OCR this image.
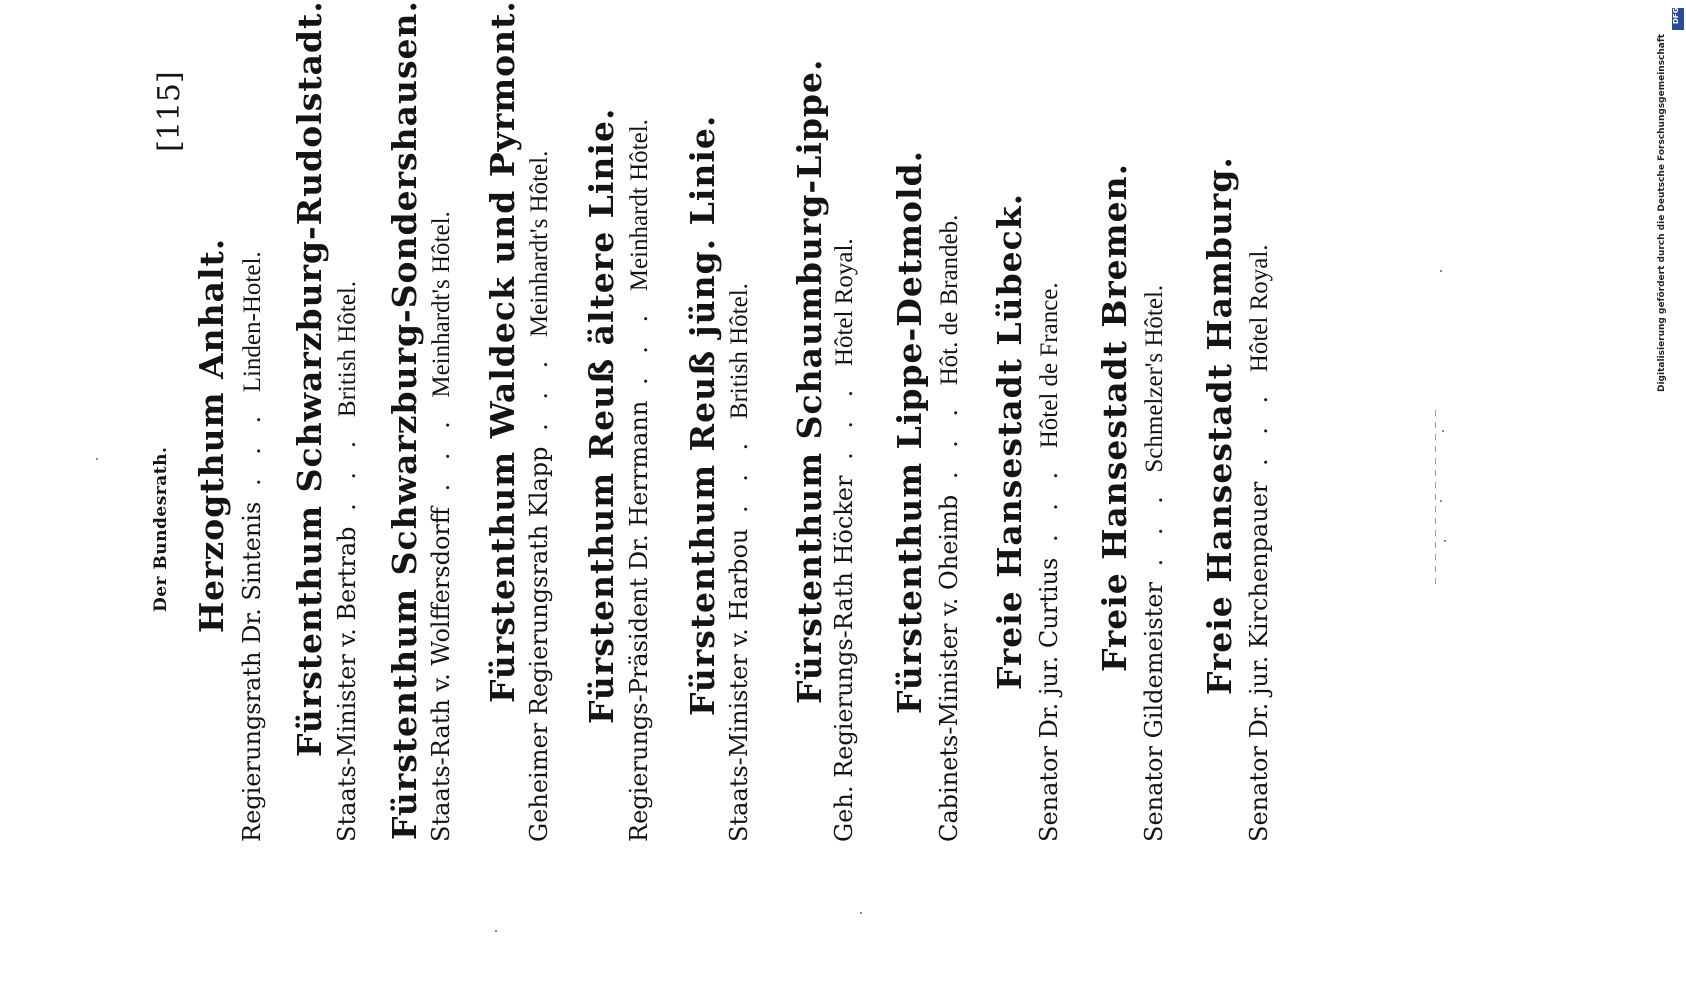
Der Bundesrath.
[115]
Herzogthum Anhalt.
Regierungsrath Dr. Sintenis . . . Linden-Hotel. Fürstenthum Schwarzburg-Rudolstadt. Staats-Minister v. Bertrab . . . British Hôtel. Fürstenthum Schwarzburg-Sondershausen. Staats-Rath v. Wolffersdorff . . . Meinhardt's Hôtel. Fürstenthum Waldeck und Pyrmont. Geheimer Regierungsrath Klapp . . . Meinhardt's Hôtel. Fürstenthum Reuß ältere Linie. Regierungs-Präsident Dr. Herrmann . . . Meinhardt Hôtel. Fürstenthum Reuß jüng. Linie. Staats-Minister v. Harbou . . . British Hôtel. Fürstenthum Schaumburg-Lippe. Geh. Regierungs-Rath Höcker . . . Hôtel Royal. Fürstenthum Lippe-Detmold. Cabinets-Minister v. Oheimb . . . Hôt. de Brandeb. Freie Hansestadt Lübeck.
Senator Dr. jur. Curtius . . . Hôtel de France. Freie Hansestadt Bremen.
Senator Gildemeister . . . Schmelzer's Hôtel. Freie Hansestadt Hamburg. Senator Dr. jur. Kirchenpauer . . . Hôtel Royal.	Digitalisierung gefördert durch die Deutsche Forschungsgemeinschaft
DFG
